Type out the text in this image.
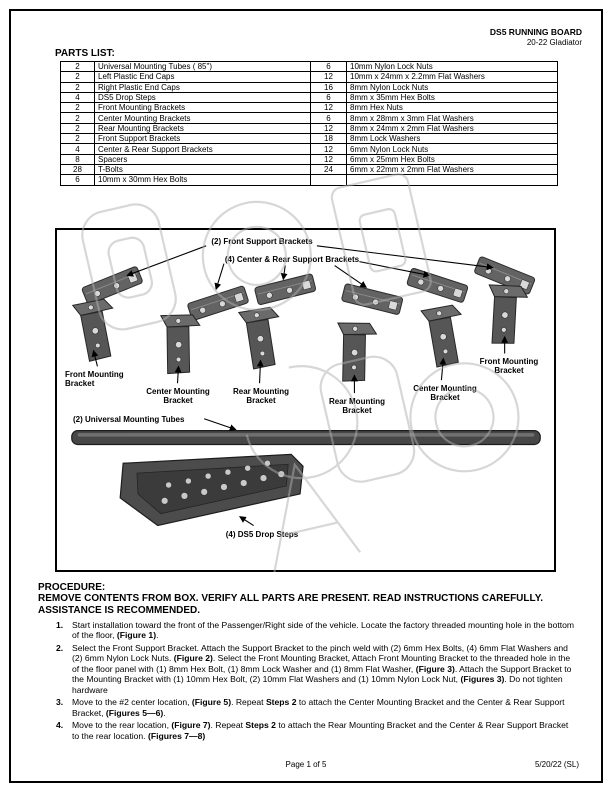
DS5 RUNNING BOARD
20-22 Gladiator
PARTS LIST:
2	Universal Mounting Tubes ( 85")	6	10mm Nylon Lock Nuts
2	Left Plastic End Caps	12	10mm x 24mm x 2.2mm Flat Washers
2	Right Plastic End Caps	16	8mm Nylon Lock Nuts
4	DS5 Drop Steps	6	8mm x 35mm Hex Bolts
2	Front Mounting Brackets	12	8mm Hex Nuts
2	Center Mounting Brackets	6	8mm x 28mm x 3mm Flat Washers
2	Rear Mounting Brackets	12	8mm x 24mm x 2mm Flat Washers
2	Front Support Brackets	18	8mm Lock Washers
4	Center & Rear Support Brackets	12	6mm Nylon Lock Nuts
8	Spacers	12	6mm x 25mm Hex Bolts
28	T-Bolts	24	6mm x 22mm x 2mm Flat Washers
6	10mm x 30mm Hex Bolts		
(2) Front Support Brackets
(4) Center & Rear Support Brackets
Front Mounting Bracket
Center Mounting Bracket
Rear Mounting Bracket	Rear Mounting Bracket
Center Mounting Bracket
Front Mounting Bracket
(2) Universal Mounting Tubes
(4) DS5 Drop Steps
PROCEDURE:
REMOVE CONTENTS FROM BOX. VERIFY ALL PARTS ARE PRESENT. READ INSTRUCTIONS CAREFULLY. ASSISTANCE IS RECOMMENDED.
1.	Start installation toward the front of the Passenger/Right side of the vehicle. Locate the factory threaded mounting hole in the bottom of the floor, (Figure 1).
2.	Select the Front Support Bracket. Attach the Support Bracket to the pinch weld with (2) 6mm Hex Bolts, (4) 6mm Flat Washers and (2) 6mm Nylon Lock Nuts. (Figure 2). Select the Front Mounting Bracket, Attach Front Mounting Bracket to the threaded hole in the of the floor panel with (1) 8mm Hex Bolt, (1) 8mm Lock Washer and (1) 8mm Flat Washer, (Figure 3). Attach the Support Bracket to the Mounting Bracket with (1) 10mm Hex Bolt, (2) 10mm Flat Washers and (1) 10mm Nylon Lock Nut, (Figures 3). Do not tighten hardware
3.	Move to the #2 center location, (Figure 5). Repeat Steps 2 to attach the Center Mounting Bracket and the Center & Rear Support Bracket, (Figures 5—6).
4.	Move to the rear location, (Figure 7). Repeat Steps 2 to attach the Rear Mounting Bracket and the Center & Rear Support Bracket to the rear location. (Figures 7—8)
Page 1 of 5	5/20/22 (SL)
